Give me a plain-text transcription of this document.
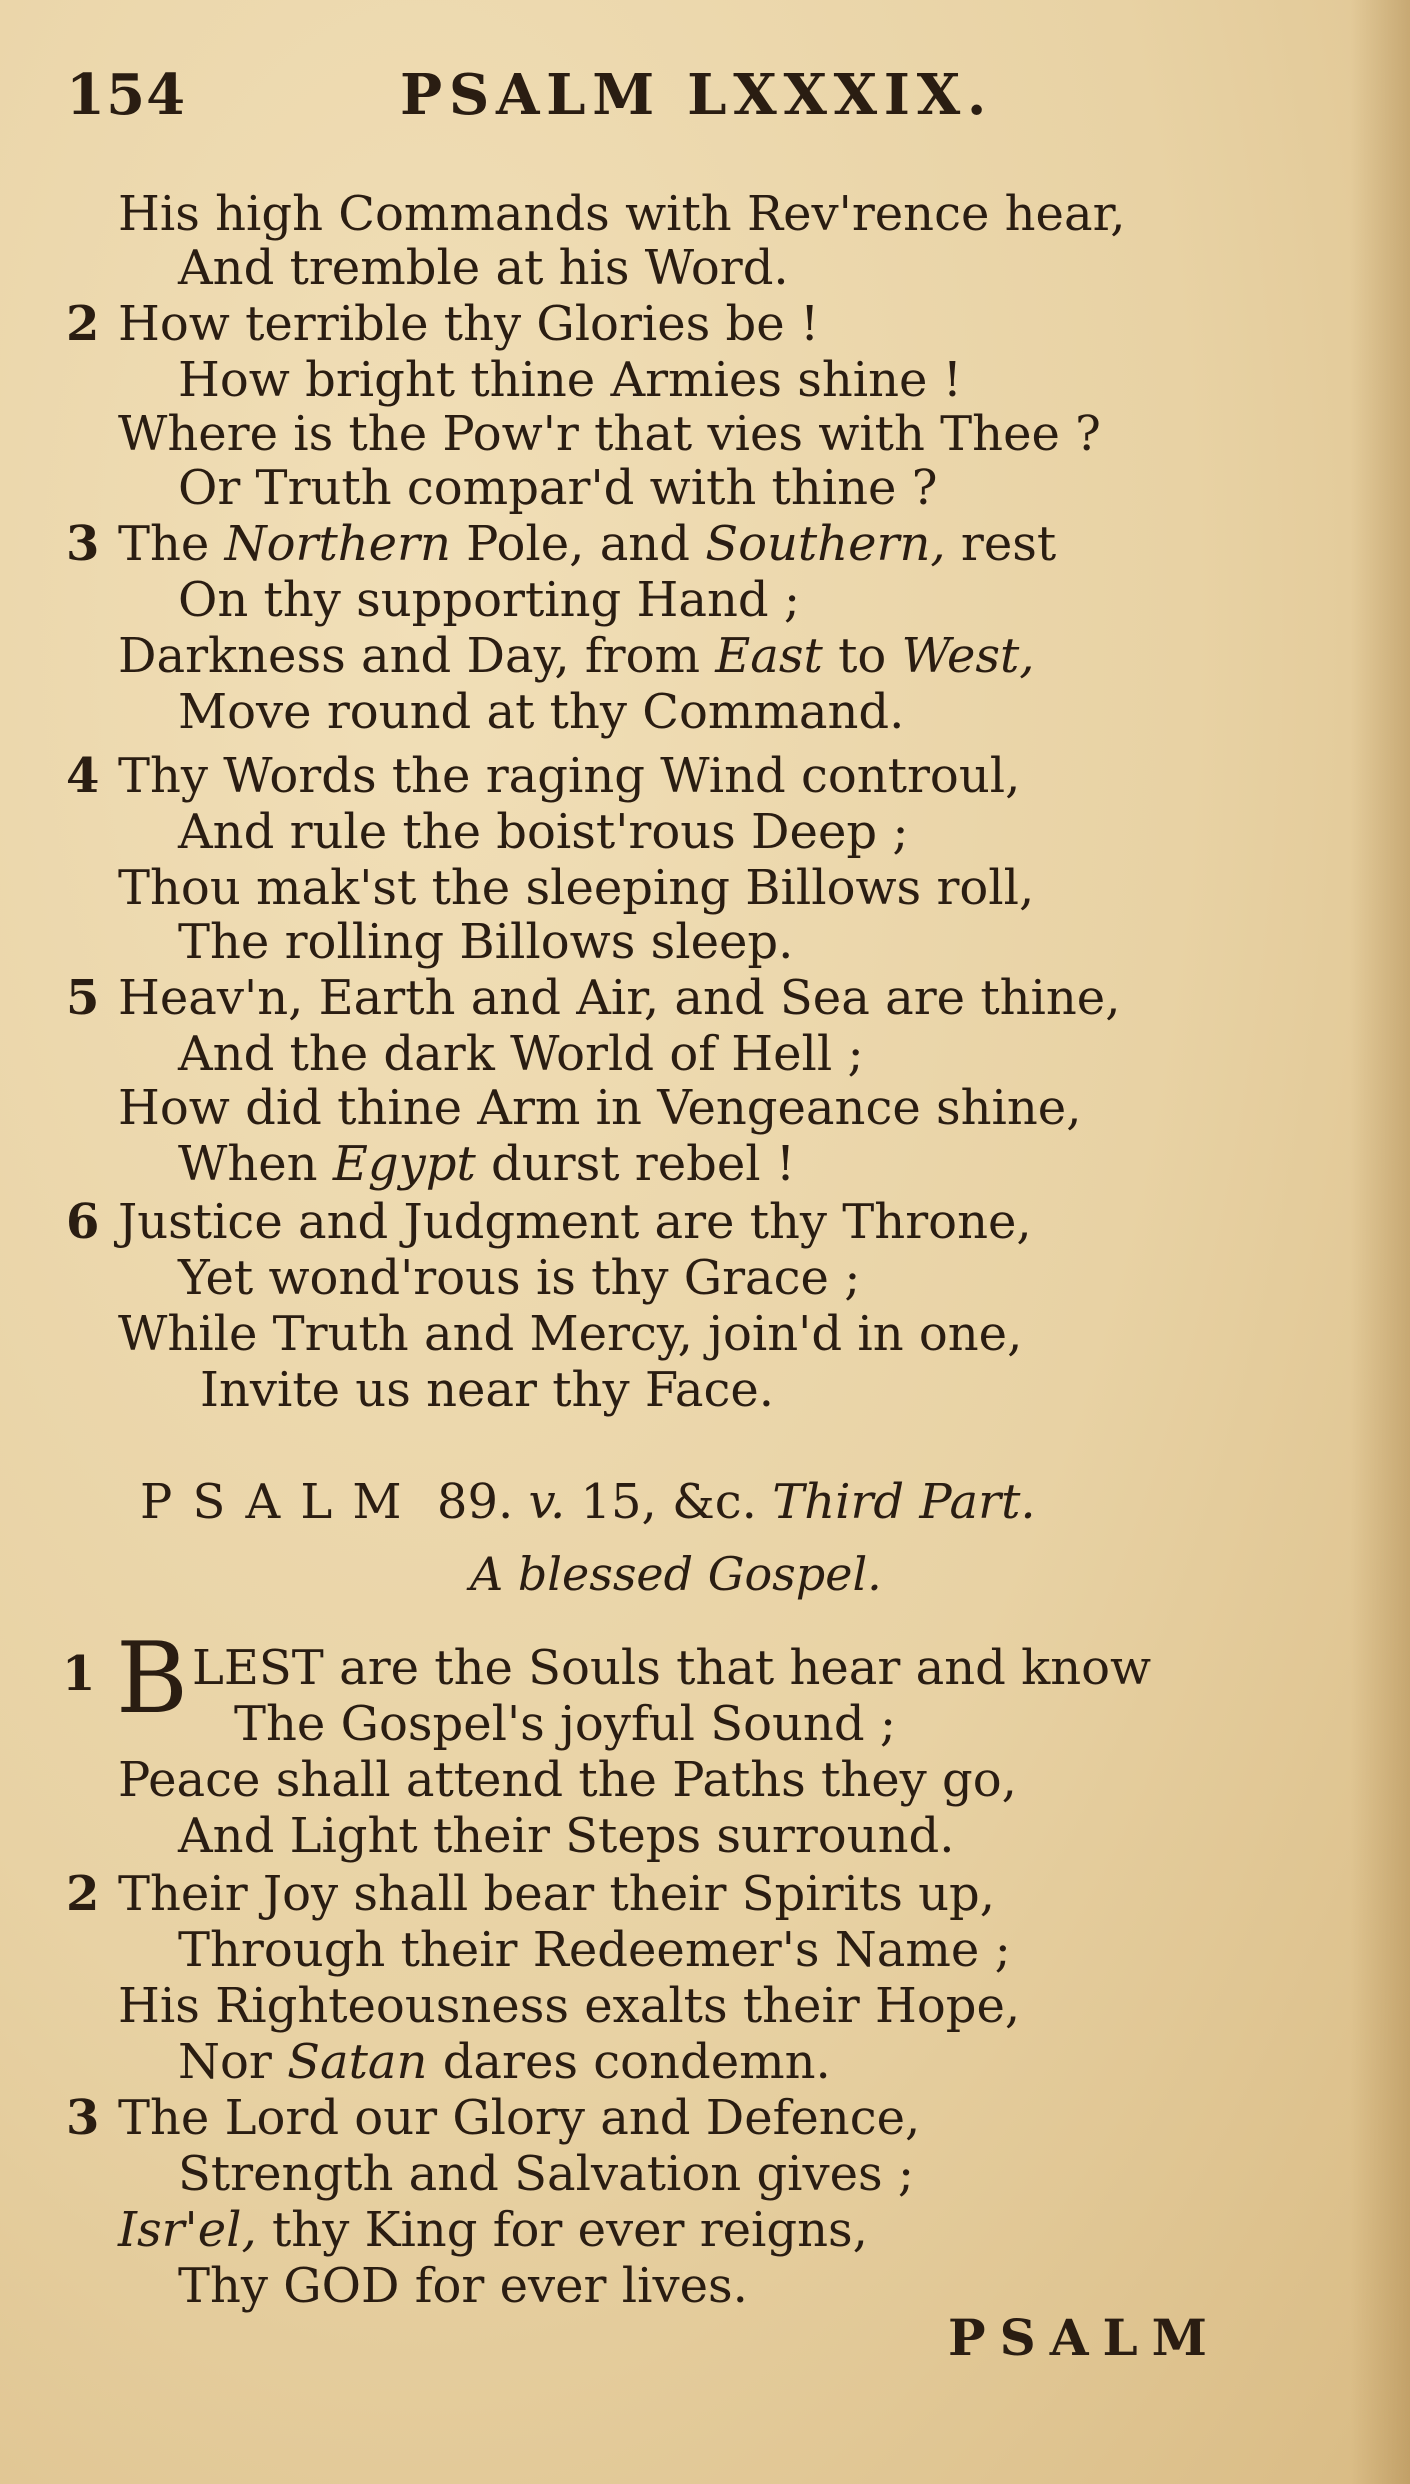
154	PSALM LXXXIX.
His high Commands with Rev'rence hear,
And tremble at his Word.
2 How terrible thy Glories be !
How bright thine Armies shine !
Where is the Pow'r that vies with Thee ?
Or Truth compar'd with thine ?
3 The Northern Pole, and Southern, rest
On thy supporting Hand ;
Darkness and Day, from East to West,
Move round at thy Command.
4 Thy Words the raging Wind controul,
And rule the boist'rous Deep ;
Thou mak'st the sleeping Billows roll,
The rolling Billows sleep.
5 Heav'n, Earth and Air, and Sea are thine,
And the dark World of Hell ;
How did thine Arm in Vengeance shine,
When Egypt durst rebel !
6 Justice and Judgment are thy Throne,
Yet wond'rous is thy Grace ;
While Truth and Mercy, join'd in one,
Invite us near thy Face.
PSALM 89. v. 15, &c. Third Part.
A blessed Gospel.
1 B LEST are the Souls that hear and know
The Gospel's joyful Sound ;
Peace shall attend the Paths they go,
And Light their Steps surround.
2 Their Joy shall bear their Spirits up,
Through their Redeemer's Name ;
His Righteousness exalts their Hope,
Nor Satan dares condemn.
3 The Lord our Glory and Defence,
Strength and Salvation gives ;
Isr'el, thy King for ever reigns,
Thy GOD for ever lives.
PSALM
